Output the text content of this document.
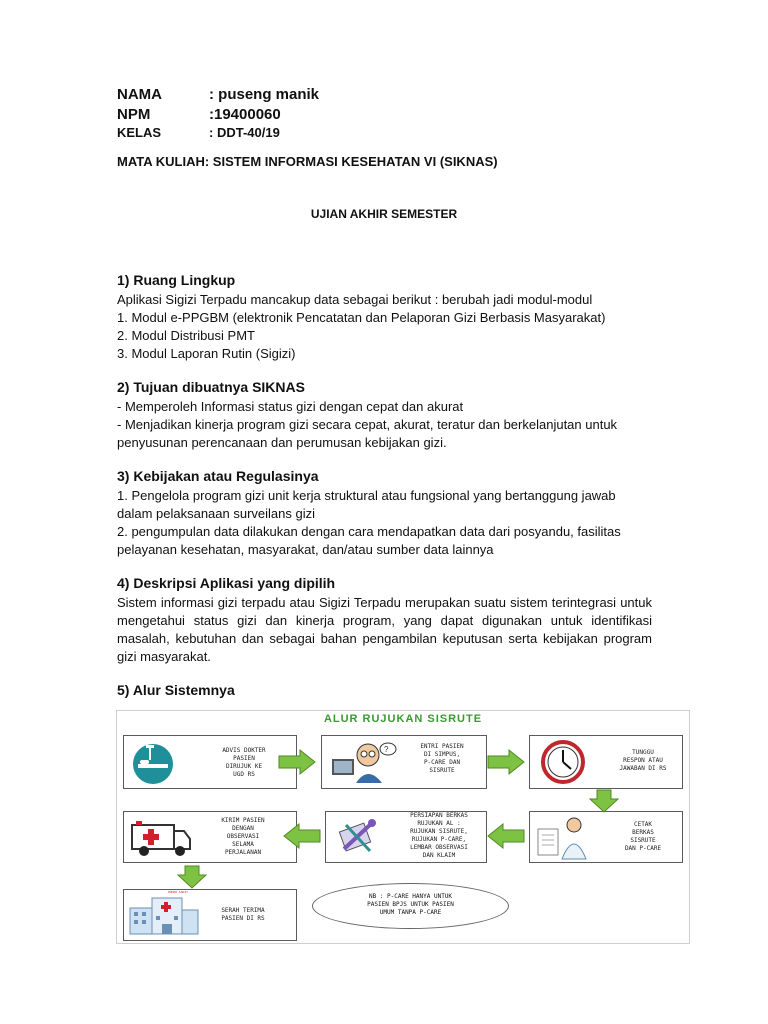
NAMA	: puseng manik
NPM	:19400060
KELAS	: DDT-40/19
MATA KULIAH: SISTEM INFORMASI KESEHATAN VI (SIKNAS)
UJIAN AKHIR SEMESTER
1) Ruang Lingkup

Aplikasi Sigizi Terpadu mancakup data sebagai berikut : berubah jadi modul-modul

1. Modul e-PPGBM (elektronik Pencatatan dan Pelaporan Gizi Berbasis Masyarakat)

2. Modul Distribusi PMT

3. Modul Laporan Rutin (Sigizi)

2) Tujuan dibuatnya SIKNAS

- Memperoleh Informasi status gizi dengan cepat dan akurat

- Menjadikan kinerja program gizi secara cepat, akurat, teratur dan berkelanjutan untuk penyusunan perencanaan dan perumusan kebijakan gizi.

3) Kebijakan atau Regulasinya

1. Pengelola program gizi unit kerja struktural atau fungsional yang bertanggung jawab dalam pelaksanaan surveilans gizi

2. pengumpulan data dilakukan dengan cara mendapatkan data dari posyandu, fasilitas pelayanan kesehatan, masyarakat, dan/atau sumber data lainnya

4) Deskripsi Aplikasi yang dipilih

Sistem informasi gizi terpadu atau Sigizi Terpadu merupakan suatu sistem terintegrasi untuk mengetahui status gizi dan kinerja program, yang dapat digunakan untuk identifikasi masalah, kebutuhan dan sebagai bahan pengambilan keputusan serta kebijakan program gizi masyarakat.

5) Alur Sistemnya
ALUR RUJUKAN SISRUTE
ADVIS DOKTER
PASIEN
DIRUJUK KE
UGD RS
?	ENTRI PASIEN
DI SIMPUS,
P-CARE DAN
SISRUTE
TUNGGU
RESPON ATAU
JAWABAN DI RS
KIRIM PASIEN
DENGAN
OBSERVASI
SELAMA
PERJALANAN
PERSIAPAN BERKAS
RUJUKAN AL :
RUJUKAN SISRUTE,
RUJUKAN P-CARE,
LEMBAR OBSERVASI
DAN KLAIM
CETAK
BERKAS
SISRUTE
DAN P-CARE
RUMAH SAKIT
SERAH TERIMA
PASIEN DI RS
NB : P-CARE HANYA UNTUK
PASIEN BPJS UNTUK PASIEN
UMUM TANPA P-CARE
